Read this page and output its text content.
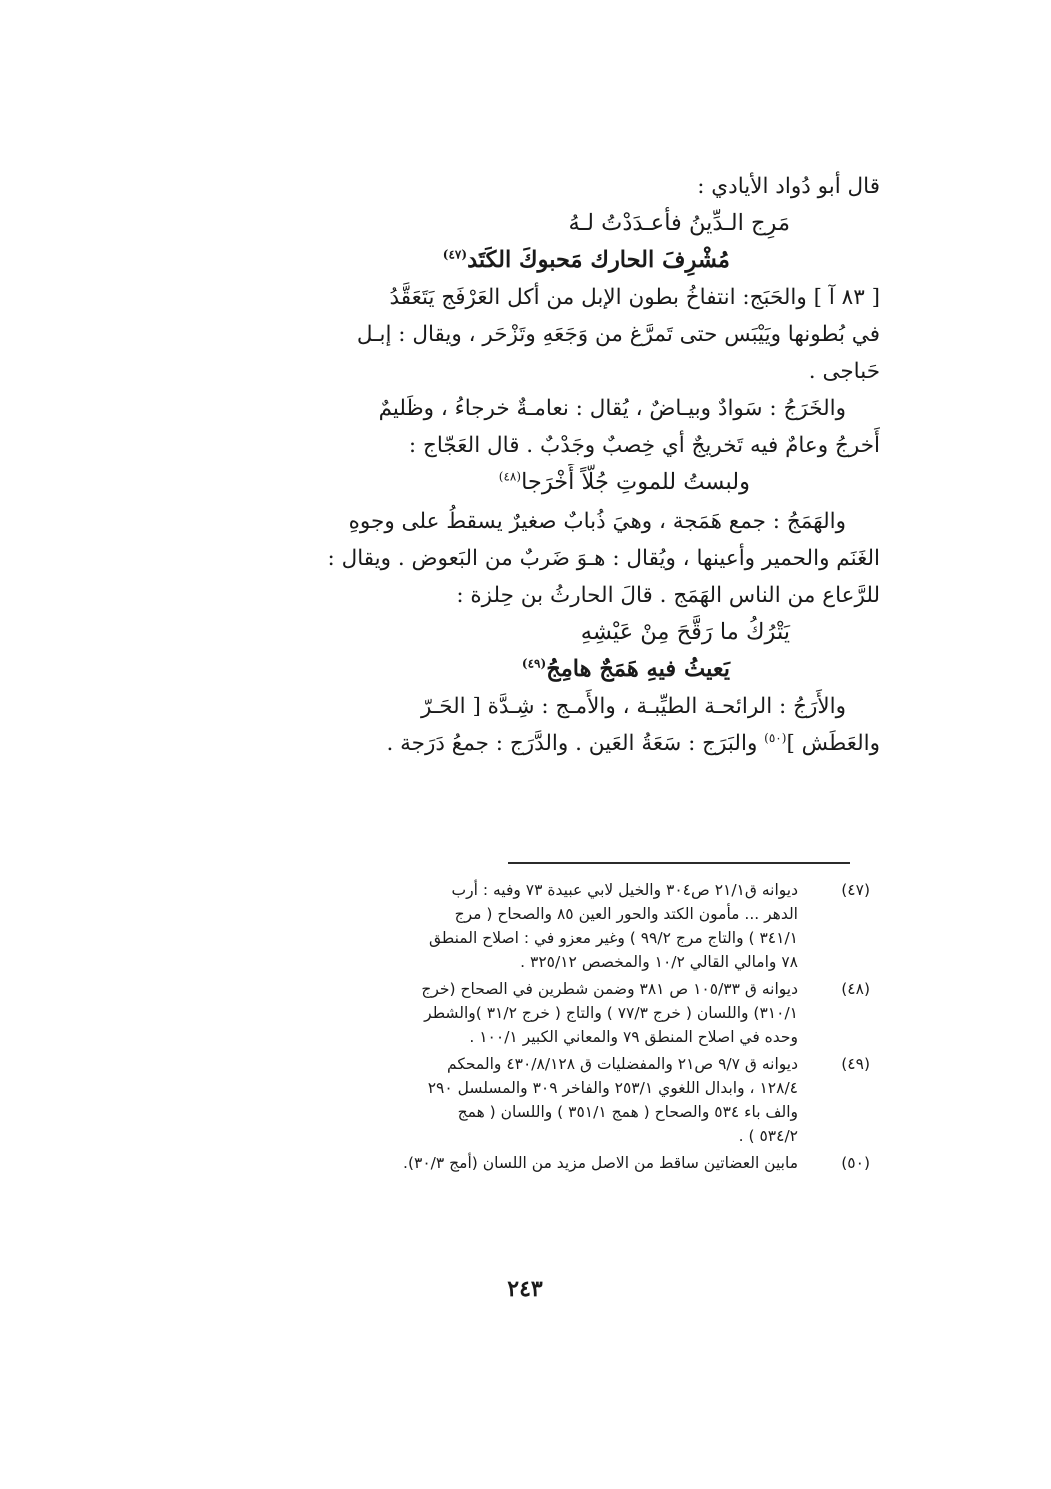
قال أبو دُواد الأيادي :
مَرِج الـدِّينُ فأعـدَدْتُ لـهُ
مُشْرِفَ الحارك مَحبوكَ الكَتَد$^{(٤٧)}$
[ ٨٣ آ ] والحَبَج: انتفاخُ بطون الإبل من أكل العَرْفَج يَتَعَقَّدُ
في بُطونها ويَيْبَس حتى تَمرَّغ من وَجَعَهِ وتَزْحَر ، ويقال : إبـل
حَباجى .
والخَرَجُ : سَوادٌ وبيـاضٌ ، يُقال : نعامـةٌ خرجاءُ ، وظَليمٌ
أَخرجُ وعامٌ فيه تَخريجٌ أي خِصبٌ وجَدْبٌ . قال العَجّاج :
ولبستُ للموتِ جُلّاً أَخْرَجا$^{(٤٨)}$
والهَمَجُ : جمع هَمَجة ، وهيَ ذُبابٌ صغيرٌ يسقطُ على وجوهِ
الغَنَم والحمير وأعينها ، ويُقال : هـوَ ضَربٌ من البَعوض . ويقال :
للرَّعاع من الناس الهَمَج . قالَ الحارثُ بن حِلزة :
يَتْرُكُ ما رَقَّحَ مِنْ عَيْشِهِ
يَعيثُ فيهِ هَمَجٌ هامِجُ$^{(٤٩)}$
والأَرَجُ : الرائحـة الطيِّبـة ، والأَمـج : شِـدَّة [ الحَـرّ
والعَطَش ]$^{(٥٠)}$ والبَرَج : سَعَةُ العَين . والدَّرَج : جمعُ دَرَجة .
(٤٧)
ديوانه ق٢١/١ ص٣٠٤ والخيل لابي عبيدة ٧٣ وفيه : أرب
الدهر ... مأمون الكتد والحور العين ٨٥ والصحاح ( مرج
٣٤١/١ ) والتاج مرج ٩٩/٢ ) وغير معزو في : اصلاح المنطق
٧٨ وامالي القالي ١٠/٢ والمخصص ٣٢٥/١٢ .
(٤٨)
ديوانه ق ١٠٥/٣٣ ص ٣٨١ وضمن شطرين في الصحاح (خرج
٣١٠/١) واللسان ( خرج ٧٧/٣ ) والتاج ( خرج ٣١/٢ )والشطر
وحده في اصلاح المنطق ٧٩ والمعاني الكبير ١٠٠/١ .
(٤٩)
ديوانه ق ٩/٧ ص٢١ والمفضليات ق ٤٣٠/٨/١٢٨ والمحكم
١٢٨/٤ ، وابدال اللغوي ٢٥٣/١ والفاخر ٣٠٩ والمسلسل ٢٩٠
والف باء ٥٣٤ والصحاح ( همج ٣٥١/١ ) واللسان ( همج
٥٣٤/٢ ) .
(٥٠)
مابين العضاتين ساقط من الاصل مزيد من اللسان (أمج ٣٠/٣).
٢٤٣
